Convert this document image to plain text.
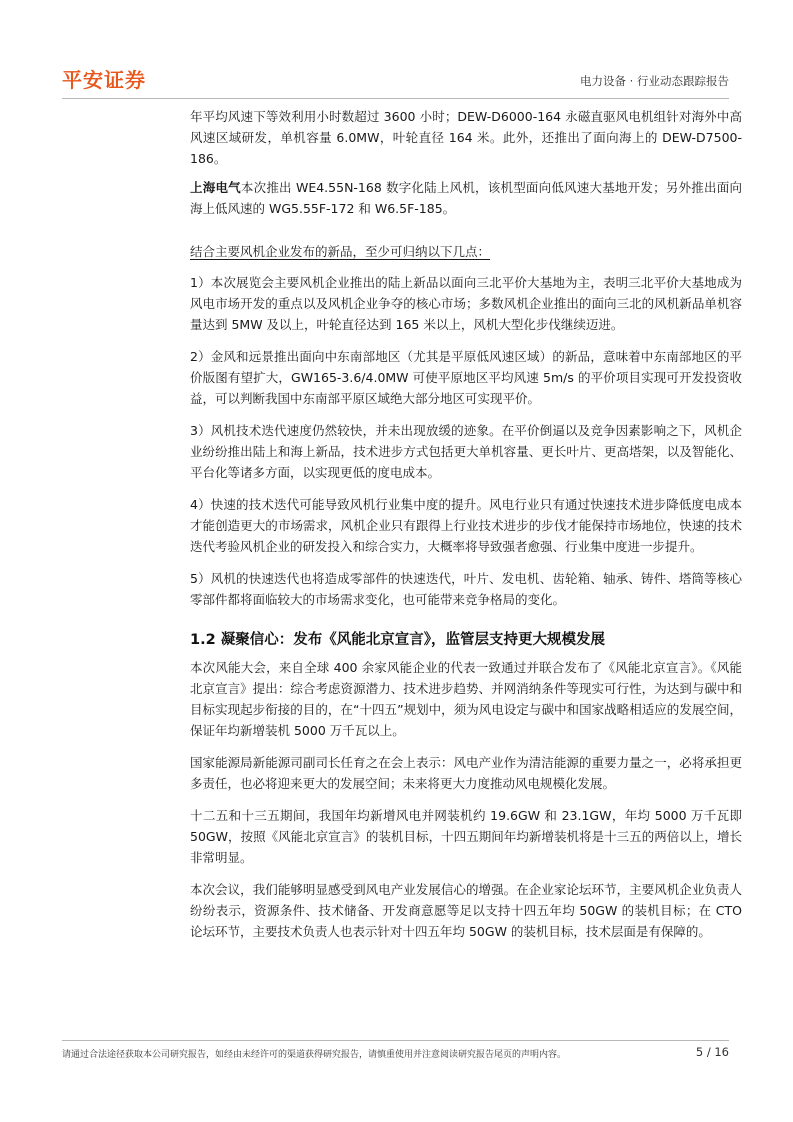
平安证券	电力设备 · 行业动态跟踪报告

年平均风速下等效利用小时数超过 3600 小时；DEW-D6000-164 永磁直驱风电机组针对海外中高风速区域研发，单机容量 6.0MW，叶轮直径 164 米。此外，还推出了面向海上的 DEW-D7500-186。

上海电气本次推出 WE4.55N-168 数字化陆上风机，该机型面向低风速大基地开发；另外推出面向海上低风速的 WG5.55F-172 和 W6.5F-185。

结合主要风机企业发布的新品，至少可归纳以下几点：

1）本次展览会主要风机企业推出的陆上新品以面向三北平价大基地为主，表明三北平价大基地成为风电市场开发的重点以及风机企业争夺的核心市场；多数风机企业推出的面向三北的风机新品单机容量达到 5MW 及以上，叶轮直径达到 165 米以上，风机大型化步伐继续迈进。

2）金风和远景推出面向中东南部地区（尤其是平原低风速区域）的新品，意味着中东南部地区的平价版图有望扩大，GW165-3.6/4.0MW 可使平原地区平均风速 5m/s 的平价项目实现可开发投资收益，可以判断我国中东南部平原区域绝大部分地区可实现平价。

3）风机技术迭代速度仍然较快，并未出现放缓的迹象。在平价倒逼以及竞争因素影响之下，风机企业纷纷推出陆上和海上新品，技术进步方式包括更大单机容量、更长叶片、更高塔架，以及智能化、平台化等诸多方面，以实现更低的度电成本。

4）快速的技术迭代可能导致风机行业集中度的提升。风电行业只有通过快速技术进步降低度电成本才能创造更大的市场需求，风机企业只有跟得上行业技术进步的步伐才能保持市场地位，快速的技术迭代考验风机企业的研发投入和综合实力，大概率将导致强者愈强、行业集中度进一步提升。

5）风机的快速迭代也将造成零部件的快速迭代，叶片、发电机、齿轮箱、轴承、铸件、塔筒等核心零部件都将面临较大的市场需求变化，也可能带来竞争格局的变化。

1.2 凝聚信心：发布《风能北京宣言》，监管层支持更大规模发展

本次风能大会，来自全球 400 余家风能企业的代表一致通过并联合发布了《风能北京宣言》。《风能北京宣言》提出：综合考虑资源潜力、技术进步趋势、并网消纳条件等现实可行性，为达到与碳中和目标实现起步衔接的目的，在“十四五”规划中，须为风电设定与碳中和国家战略相适应的发展空间，保证年均新增装机 5000 万千瓦以上。

国家能源局新能源司副司长任育之在会上表示：风电产业作为清洁能源的重要力量之一，必将承担更多责任，也必将迎来更大的发展空间；未来将更大力度推动风电规模化发展。

十二五和十三五期间，我国年均新增风电并网装机约 19.6GW 和 23.1GW，年均 5000 万千瓦即 50GW，按照《风能北京宣言》的装机目标，十四五期间年均新增装机将是十三五的两倍以上，增长非常明显。

本次会议，我们能够明显感受到风电产业发展信心的增强。在企业家论坛环节，主要风机企业负责人纷纷表示，资源条件、技术储备、开发商意愿等足以支持十四五年均 50GW 的装机目标；在 CTO 论坛环节，主要技术负责人也表示针对十四五年均 50GW 的装机目标，技术层面是有保障的。

请通过合法途径获取本公司研究报告，如经由未经许可的渠道获得研究报告，请慎重使用并注意阅读研究报告尾页的声明内容。	5 / 16
